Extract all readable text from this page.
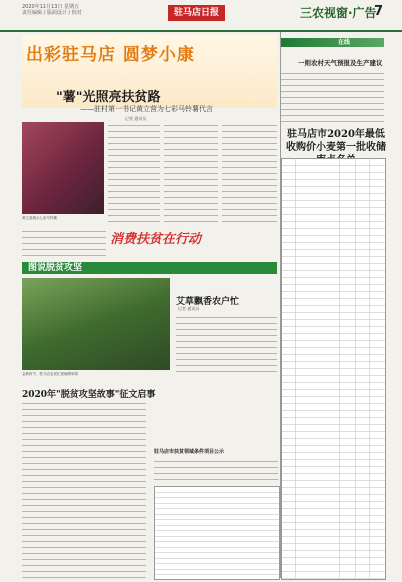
2020年11月13日 星期五
责任编辑 / 版面设计 / 校对	驻马店日报	三农视窗·广告
7
出彩驻马店 圆梦小康
"薯"光照亮扶贫路
——驻村第一书记黄立营为七彩马铃薯代言
记者 通讯员
黄立营展示七彩马铃薯
消费扶贫在行动
图说脱贫攻坚
金秋时节，驻马店农民忙着晾晒草席
艾草飘香农户忙
记者 通讯员
2020年"脱贫攻坚故事"征文启事
驻马店市扶贫领域条件项目公示
在线
一则农村天气预报及生产建议
驻马店市2020年最低收购价小麦第一批收储
